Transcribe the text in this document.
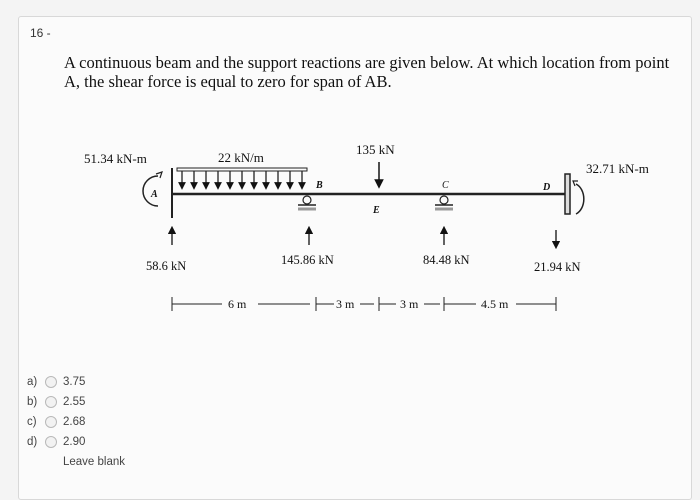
16 -
A continuous beam and the support reactions are given below. At which location from point A, the shear force is equal to zero for span of AB.
51.34 kN-m	22 kN/m
135 kN
32.71 kN-m
A
B	C	D
E
58.6 kN	145.86 kN	84.48 kN	21.94 kN
6 m	3 m	3 m	4.5 m
a)	3.75
b)	2.55
c)	2.68
d)	2.90
Leave blank
